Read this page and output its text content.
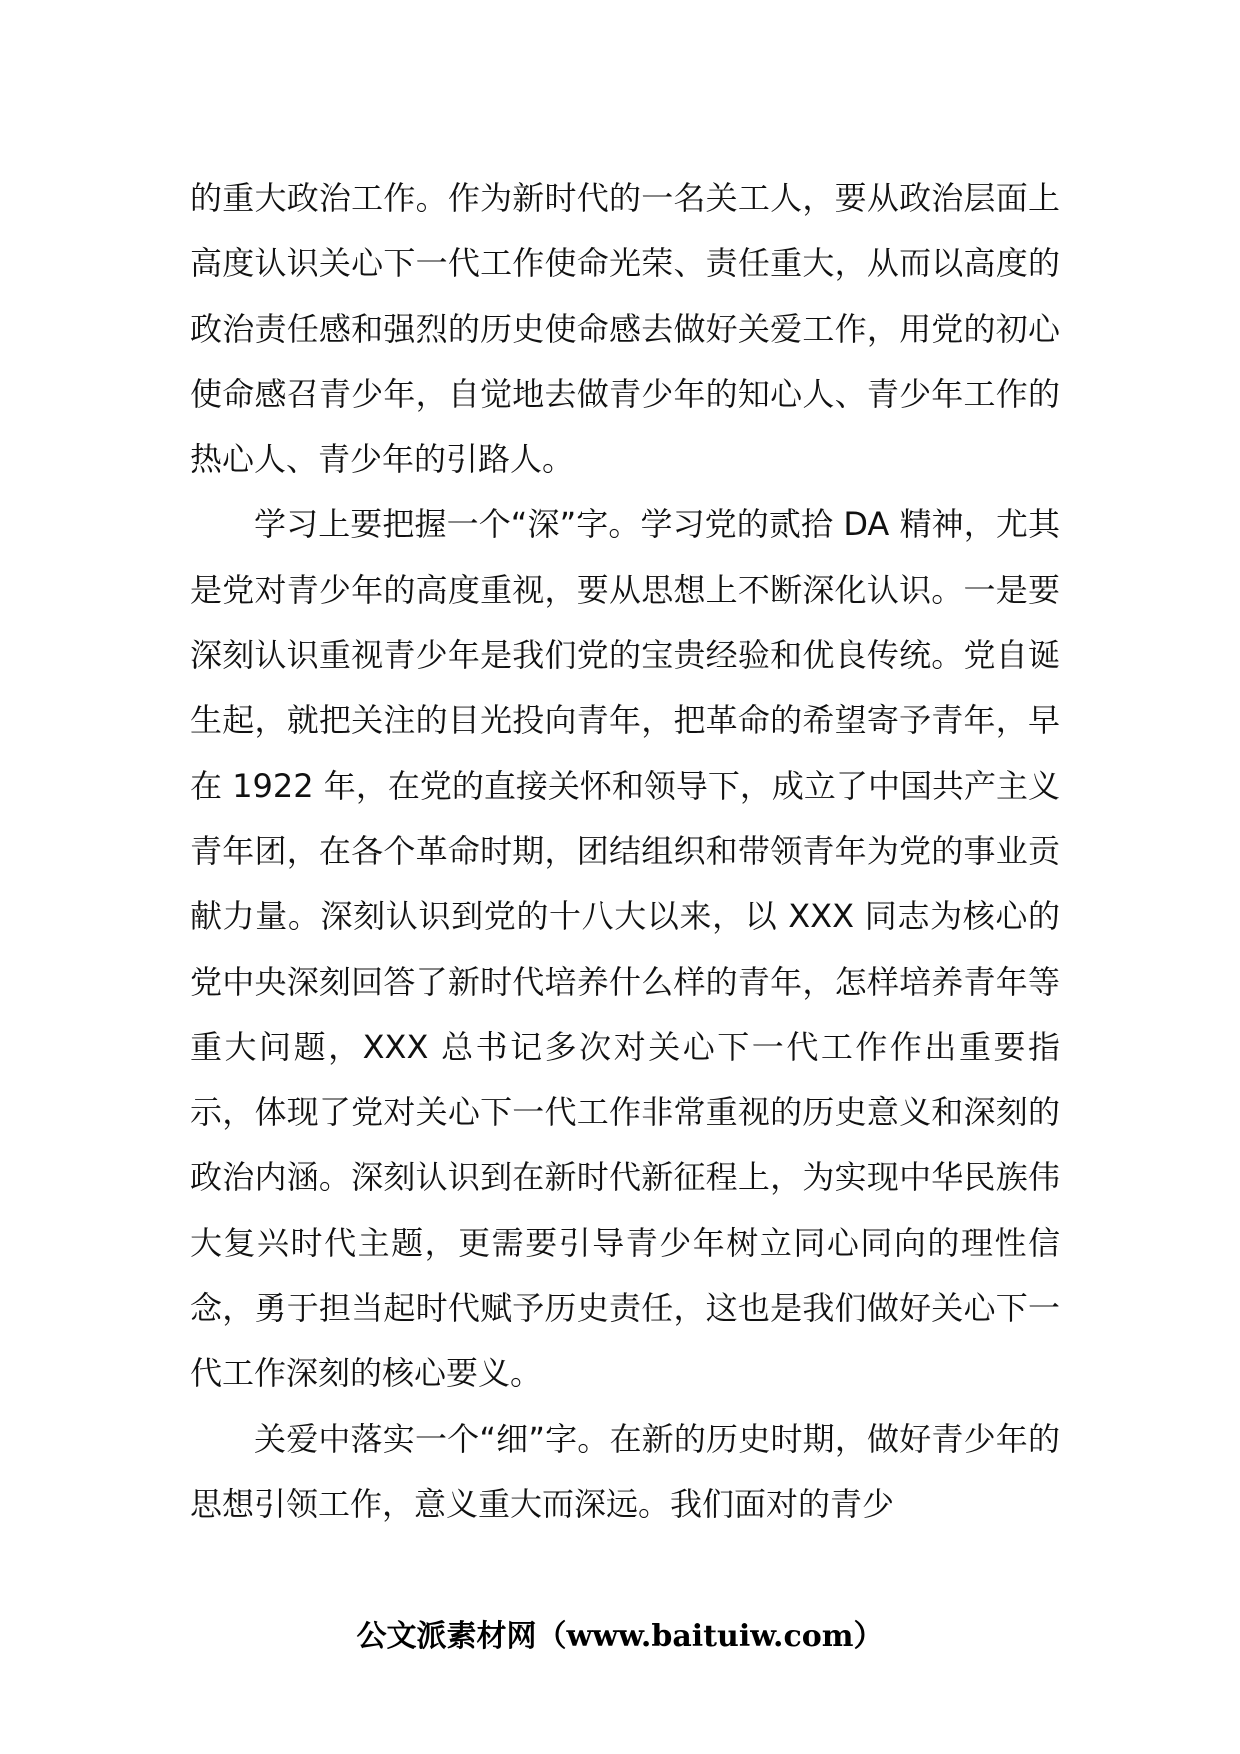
的重大政治工作。作为新时代的一名关工人，要从政治层面上高度认识关心下一代工作使命光荣、责任重大，从而以高度的政治责任感和强烈的历史使命感去做好关爱工作，用党的初心使命感召青少年，自觉地去做青少年的知心人、青少年工作的热心人、青少年的引路人。

学习上要把握一个“深”字。学习党的贰拾 DA 精神，尤其是党对青少年的高度重视，要从思想上不断深化认识。一是要深刻认识重视青少年是我们党的宝贵经验和优良传统。党自诞生起，就把关注的目光投向青年，把革命的希望寄予青年，早在 1922 年，在党的直接关怀和领导下，成立了中国共产主义青年团，在各个革命时期，团结组织和带领青年为党的事业贡献力量。深刻认识到党的十八大以来，以 XXX 同志为核心的党中央深刻回答了新时代培养什么样的青年，怎样培养青年等重大问题，XXX 总书记多次对关心下一代工作作出重要指示，体现了党对关心下一代工作非常重视的历史意义和深刻的政治内涵。深刻认识到在新时代新征程上，为实现中华民族伟大复兴时代主题，更需要引导青少年树立同心同向的理性信念，勇于担当起时代赋予历史责任，这也是我们做好关心下一代工作深刻的核心要义。

关爱中落实一个“细”字。在新的历史时期，做好青少年的思想引领工作，意义重大而深远。我们面对的青少

公文派素材网（www.baituiw.com）
